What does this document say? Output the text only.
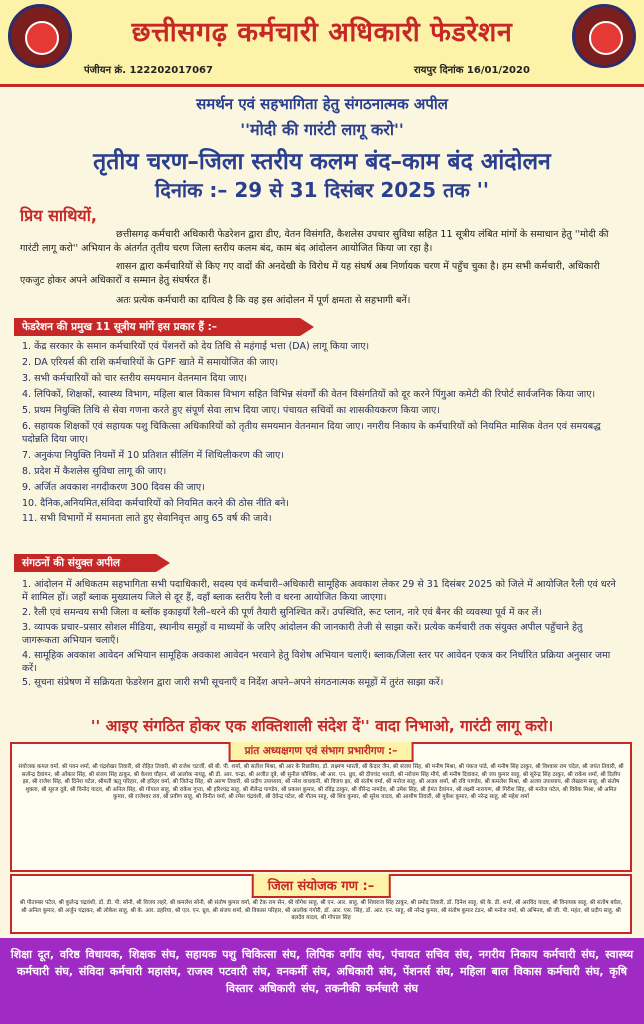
छत्तीसगढ़ कर्मचारी अधिकारी फेडरेशन
पंजीयन क्रं. 122202017067	रायपुर दिनांक 16/01/2020
समर्थन एवं सहभागिता हेतु संगठनात्मक अपील
''मोदी की गारंटी लागू करो''
तृतीय चरण–जिला स्तरीय कलम बंद–काम बंद आंदोलन
दिनांक :– 29 से 31 दिसंबर 2025 तक ''
प्रिय साथियों,
छत्तीसगढ़ कर्मचारी अधिकारी फेडरेशन द्वारा डीए, वेतन विसंगति, कैशलेस उपचार सुविधा सहित 11 सूत्रीय लंबित मांगों के समाधान हेतु ''मोदी की गारंटी लागू करो'' अभियान के अंतर्गत तृतीय चरण जिला स्तरीय कलम बंद, काम बंद आंदोलन आयोजित किया जा रहा है।
शासन द्वारा कर्मचारियों से किए गए वादों की अनदेखी के विरोध में यह संघर्ष अब निर्णायक चरण में पहुँच चुका है। हम सभी कर्मचारी, अधिकारी एकजुट होकर अपने अधिकारों व सम्मान हेतु संघर्षरत हैं।
अतः प्रत्येक कर्मचारी का दायित्व है कि वह इस आंदोलन में पूर्ण क्षमता से सहभागी बनें।
फेडरेशन की प्रमुख 11 सूत्रीय मांगें इस प्रकार हैं :–
1. केंद्र सरकार के समान कर्मचारियों एवं पेंशनरों को देय तिथि से महंगाई भत्ता (DA) लागू किया जाए।
2. DA एरियर्स की राशि कर्मचारियों के GPF खाते में समायोजित की जाए।
3. सभी कर्मचारियों को चार स्तरीय समयमान वेतनमान दिया जाए।
4. लिपिकों, शिक्षकों, स्वास्थ्य विभाग, महिला बाल विकास विभाग सहित विभिन्न संवर्गों की वेतन विसंगतियों को दूर करने पिंगुआ कमेटी की रिपोर्ट सार्वजनिक किया जाए।
5. प्रथम नियुक्ति तिथि से सेवा गणना करते हुए संपूर्ण सेवा लाभ दिया जाए। पंचायत सचिवों का शासकीयकरण किया जाए।
6. सहायक शिक्षकों एवं सहायक पशु चिकित्सा अधिकारियों को तृतीय समयमान वेतनमान दिया जाए। नगरीय निकाय के कर्मचारियों को नियमित मासिक वेतन एवं समयबद्ध पदोन्नति दिया जाए।
7. अनुकंपा नियुक्ति नियमों में 10 प्रतिशत सीलिंग में शिथिलीकरण की जाए।
8. प्रदेश में कैशलेस सुविधा लागू की जाए।
9. अर्जित अवकाश नगदीकरण 300 दिवस की जाए।
10. दैनिक,अनियमित,संविदा कर्मचारियों को नियमित करने की ठोस नीति बने।
11. सभी विभागों में समानता लाते हुए सेवानिवृत्त आयु 65 वर्ष की जावे।
संगठनों की संयुक्त अपील
1. आंदोलन में अधिकतम सहभागिता सभी पदाधिकारी, सदस्य एवं कर्मचारी–अधिकारी सामूहिक अवकाश लेकर 29 से 31 दिसंबर 2025 को जिले में आयोजित रैली एवं धरने में शामिल हों। जहाँ ब्लाक मुख्यालय जिले से दूर हैं, वहाँ ब्लाक स्तरीय रैली व धरना आयोजित किया जाएगा।
2. रैली एवं समन्वय सभी जिला व ब्लॉक इकाइयाँ रैली–धरने की पूर्ण तैयारी सुनिश्चित करें। उपस्थिति, रूट प्लान, नारे एवं बैनर की व्यवस्था पूर्व में कर लें।
3. व्यापक प्रचार–प्रसार सोशल मीडिया, स्थानीय समूहों व माध्यमों के जरिए आंदोलन की जानकारी तेजी से साझा करें। प्रत्येक कर्मचारी तक संयुक्त अपील पहुँचाने हेतु जागरूकता अभियान चलाएँ।
4. सामूहिक अवकाश आवेदन अभियान सामूहिक अवकाश आवेदन भरवाने हेतु विशेष अभियान चलाएँ। ब्लाक/जिला स्तर पर आवेदन एकत्र कर निर्धारित प्रक्रिया अनुसार जमा करें।
5. सूचना संप्रेषण में सक्रियता फेडरेशन द्वारा जारी सभी सूचनाएँ व निर्देश अपने–अपने संगठनात्मक समूहों में तुरंत साझा करें।
'' आइए संगठित होकर एक शक्तिशाली संदेश दें'' वादा निभाओ, गारंटी लागू करो।
प्रांत अध्यक्षगण एवं संभाग प्रभारीगण :–
संयोजक कमल वर्मा, श्री पवन शर्मा, श्री चंद्रशेखर तिवारी, श्री रोहित तिवारी, श्री राजेश चटर्जी, श्री बी. पी. शर्मा, श्री सतीश मिश्रा, श्री आर के रिछारिया, डॉ. लक्ष्मण भारती, श्री केदार जैन, श्री संजय सिंह, श्री मनीष मिश्रा, श्री पंकज पांडे, श्री मनीष सिंह ठाकुर, श्री विश्वास राम चंदेल, श्री जयंत तिवारी, श्री सत्येन्द्र देवांगन, श्री ओंकार सिंह, श्री संजय सिंह ठाकुर, श्री केशव चौहान, श्री आलोक नायडू, श्री डी. आर. चन्द्रा, श्री अजीत दूबे, श्री सुनील कौशिक, श्री आर. एन. ध्रुव, श्री दीपचंद भारती, श्री नरोत्तम सिंह मौर्य, श्री मनीष दिवाकर, श्री जय कुमार साहू, श्री सुरेन्द्र सिंह ठाकुर, श्री राकेश शर्मा, श्री दिलीप झा, श्री राजेश सिंह, श्री दिनेश पटेल, श्रीमती ऋतु परिहार, श्री हरिहर वर्मा, श्री जितेन्द्र सिंह, श्री अरुण तिवारी, श्री प्रदीप उपाध्याय, श्री नरेश वाधवानी, श्री विजय झा, श्री संतोष वर्मा, श्री मनोज साहू, श्री अजय शर्मा, श्री रवि पाण्डेय, श्री कमलेश मिश्रा, श्री अजय उपाध्याय, श्री लेखराम साहू, श्री संतोष शुक्ला, श्री सूरज दुबे, श्री विनोद यादव, श्री अनिल सिंह, श्री गोपाल साहू, श्री राकेश गुप्ता, श्री हरिश्चंद्र साहू, श्री शैलेन्द्र पाण्डेय, श्री प्रकाश कुमार, श्री रविंद्र ठाकुर, श्री वीरेन्द्र नामदेव, श्री उमेश सिंह, श्री हेमंत देवांगन, श्री लक्ष्मी नारायण, श्री गिरीश सिंह, श्री मनोज पटेल, श्री विवेक मिश्रा, श्री अमित कुमार, श्री राजेश्वर राव, श्री प्रवीण साहू, श्री विनीत वर्मा, श्री रमेश चंद्रवंशी, श्री देवेन्द्र पटेल, श्री गौतम साहू, श्री शिव कुमार, श्री सुरेश यादव, श्री आशीष तिवारी, श्री मुकेश कुमार, श्री नरेन्द्र साहू, श्री महेश शर्मा
जिला संयोजक गण :–
श्री पीताम्बर पटेल, श्री कुलेन्द्र चंद्रवंशी, डॉ. डी. पी. सोनी, श्री विजय लहरे, श्री कमलेश सोनी, श्री संतोष कुमार वर्मा, श्री टेक राम सेन, श्री योगेश साहू, श्री एन. आर. साहू, श्री शिवराज सिंह ठाकुर, श्री प्रमोद तिवारी, डॉ. दिनेश साहू, श्री के. डी. शर्मा, श्री अरविंद यादव, श्री विनायक साहू, श्री संतोष बघेल, श्री अनिल कुमार, श्री अर्जुन चंद्राकर, श्री लोकेश साहू, श्री के. आर. डहरिया, श्री एल. एन. ध्रुव, श्री संजय शर्मा, श्री विकास परिहार, श्री आलोक गंगोरी, डॉ. आर. एस. सिंह, डॉ. आर. एन. साहू, श्री नरेन्द्र कुमार, श्री संतोष कुमार टंडन, श्री मनोज वर्मा, श्री अभिनव, श्री जी. पी. महंत, श्री प्रदीप साहू, श्री बलदेव यादव, श्री गोपाल सिंह
शिक्षा दूत, वरिष्ठ विधायक, शिक्षक संघ, सहायक पशु चिकित्सा संघ, लिपिक वर्गीय संघ, पंचायत सचिव संघ, नगरीय निकाय कर्मचारी संघ, स्वास्थ्य कर्मचारी संघ, संविदा कर्मचारी महासंघ, राजस्व पटवारी संघ, वनकर्मी संघ, अधिकारी संघ, पेंशनर्स संघ, महिला बाल विकास कर्मचारी संघ, कृषि विस्तार अधिकारी संघ, तकनीकी कर्मचारी संघ
